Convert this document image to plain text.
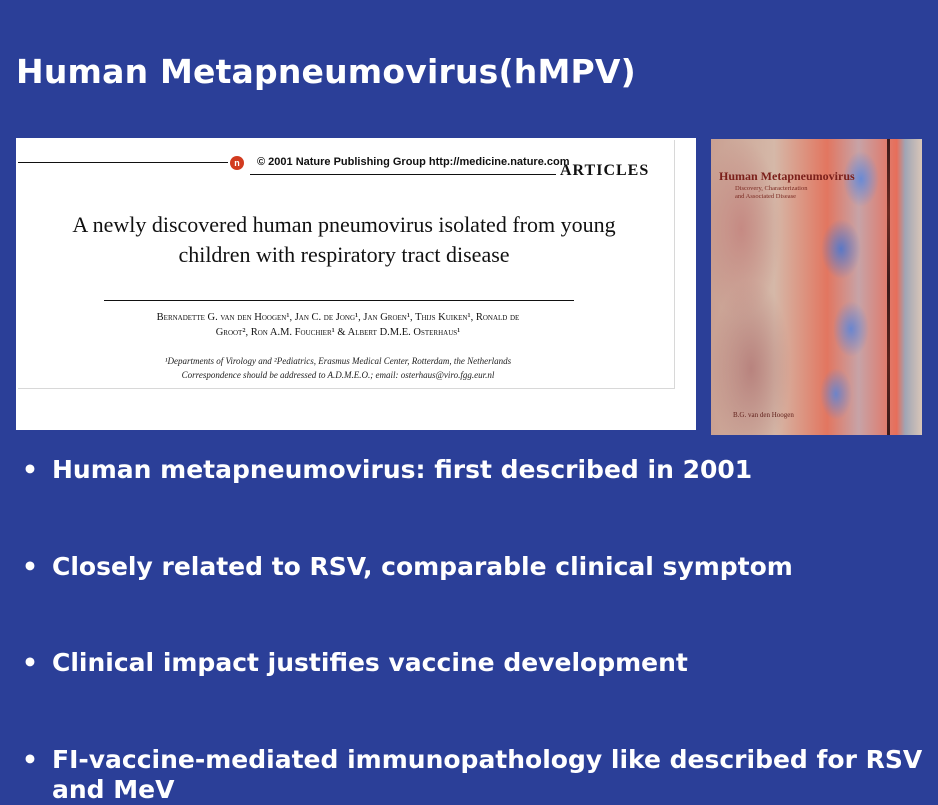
Human Metapneumovirus(hMPV)
n	© 2001 Nature Publishing Group http://medicine.nature.com
ARTICLES
A newly discovered human pneumovirus isolated from young
children with respiratory tract disease
Bernadette G. van den Hoogen¹, Jan C. de Jong¹, Jan Groen¹, Thijs Kuiken¹, Ronald de
Groot², Ron A.M. Fouchier¹ & Albert D.M.E. Osterhaus¹
¹Departments of Virology and ²Pediatrics, Erasmus Medical Center, Rotterdam, the Netherlands
Correspondence should be addressed to A.D.M.E.O.; email: osterhaus@viro.fgg.eur.nl
Human Metapneumovirus
Discovery, Characterization
and Associated Disease
B.G. van den Hoogen
• Human metapneumovirus: first described in 2001
• Closely related to RSV, comparable clinical symptom
• Clinical impact justifies vaccine development
• FI-vaccine-mediated immunopathology like described for RSV and MeV
